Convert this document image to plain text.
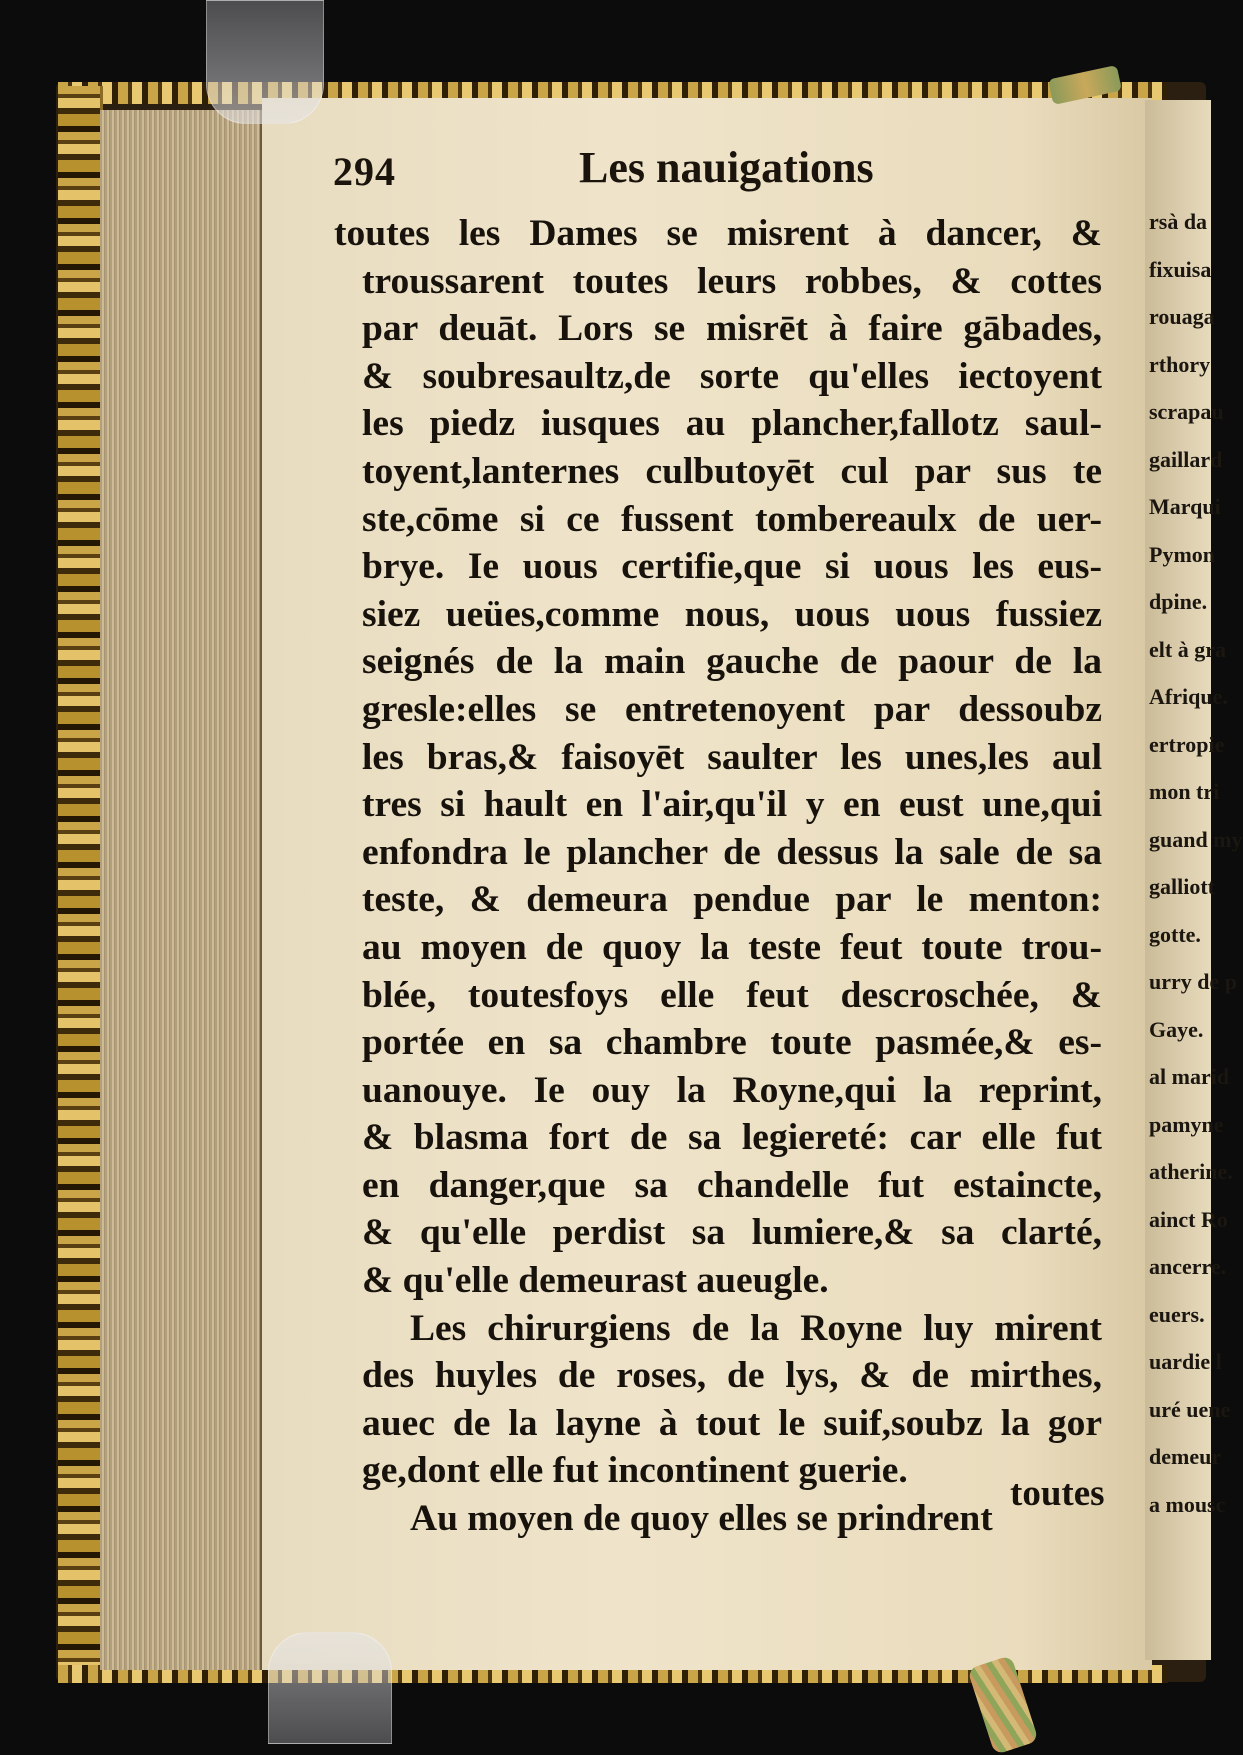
rsà da
fixuisa
rouaga
rthory
scrapau
gaillard
Marqui
Pymon
dpine.
elt à gra
Afrique.
ertropie
mon tri
guand my
galliott
gotte.
urry de p
Gaye.
al marid
pamyne
atherine.
ainct Ro
ancerre.
euers.
uardie l
uré uene
demeur
a mousc
294	Les nauigations
toutes les Dames se misrent à dancer, &
troussarent toutes leurs robbes, & cottes
par deuāt. Lors se misrēt à faire gābades,
& soubresaultz,de sorte qu'elles iectoyent
les piedz iusques au plancher,fallotz saul-
toyent,lanternes culbutoyēt cul par sus te
ste,cōme si ce fussent tombereaulx de uer-
brye. Ie uous certifie,que si uous les eus-
siez ueües,comme nous, uous uous fussiez
seignés de la main gauche de paour de la
gresle:elles se entretenoyent par dessoubz
les bras,& faisoyēt saulter les unes,les aul
tres si hault en l'air,qu'il y en eust une,qui
enfondra le plancher de dessus la sale de sa
teste, & demeura pendue par le menton:
au moyen de quoy la teste feut toute trou-
blée, toutesfoys elle feut descroschée, &
portée en sa chambre toute pasmée,& es-
uanouye. Ie ouy la Royne,qui la reprint,
& blasma fort de sa legiereté: car elle fut
en danger,que sa chandelle fut estaincte,
& qu'elle perdist sa lumiere,& sa clarté,
& qu'elle demeurast aueugle.
Les chirurgiens de la Royne luy mirent
des huyles de roses, de lys, & de mirthes,
auec de la layne à tout le suif,soubz la gor
ge,dont elle fut incontinent guerie.
Au moyen de quoy elles se prindrent
toutes
